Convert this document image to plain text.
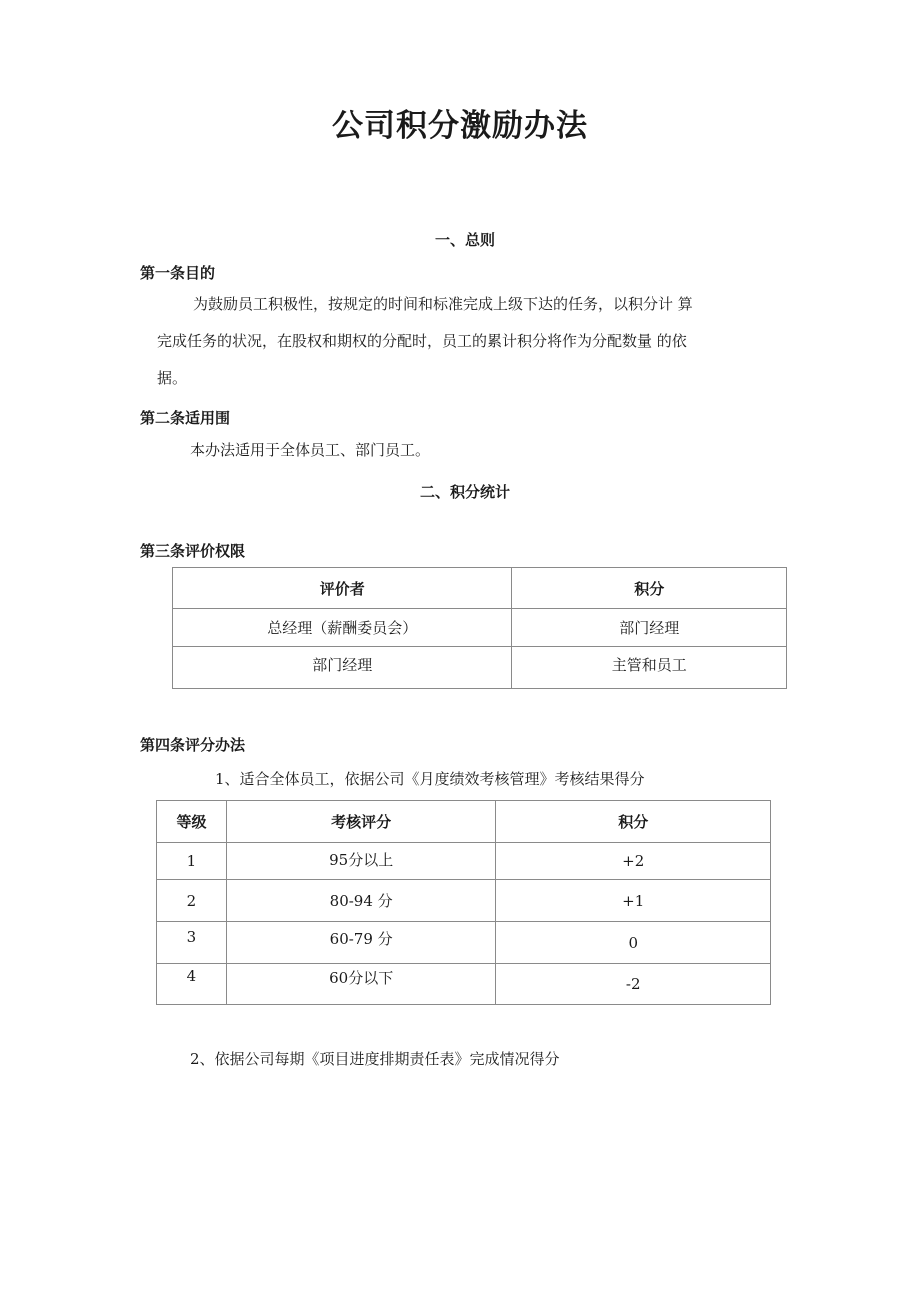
公司积分激励办法
一、总则
第一条目的
为鼓励员工积极性，按规定的时间和标准完成上级下达的任务，以积分计 算
完成任务的状况，在股权和期权的分配时，员工的累计积分将作为分配数量 的依
据。
第二条适用围
本办法适用于全体员工、部门员工。
二、积分统计
第三条评价权限
评价者	积分
总经理（薪酬委员会）	部门经理
部门经理	主管和员工
第四条评分办法
1、适合全体员工，依据公司《月度绩效考核管理》考核结果得分
等级	考核评分	积分
1	95分以上	+2
2	80-94 分	+1
3	60-79 分	0
4	60分以下	-2
2、依据公司每期《项目进度排期责任表》完成情况得分
